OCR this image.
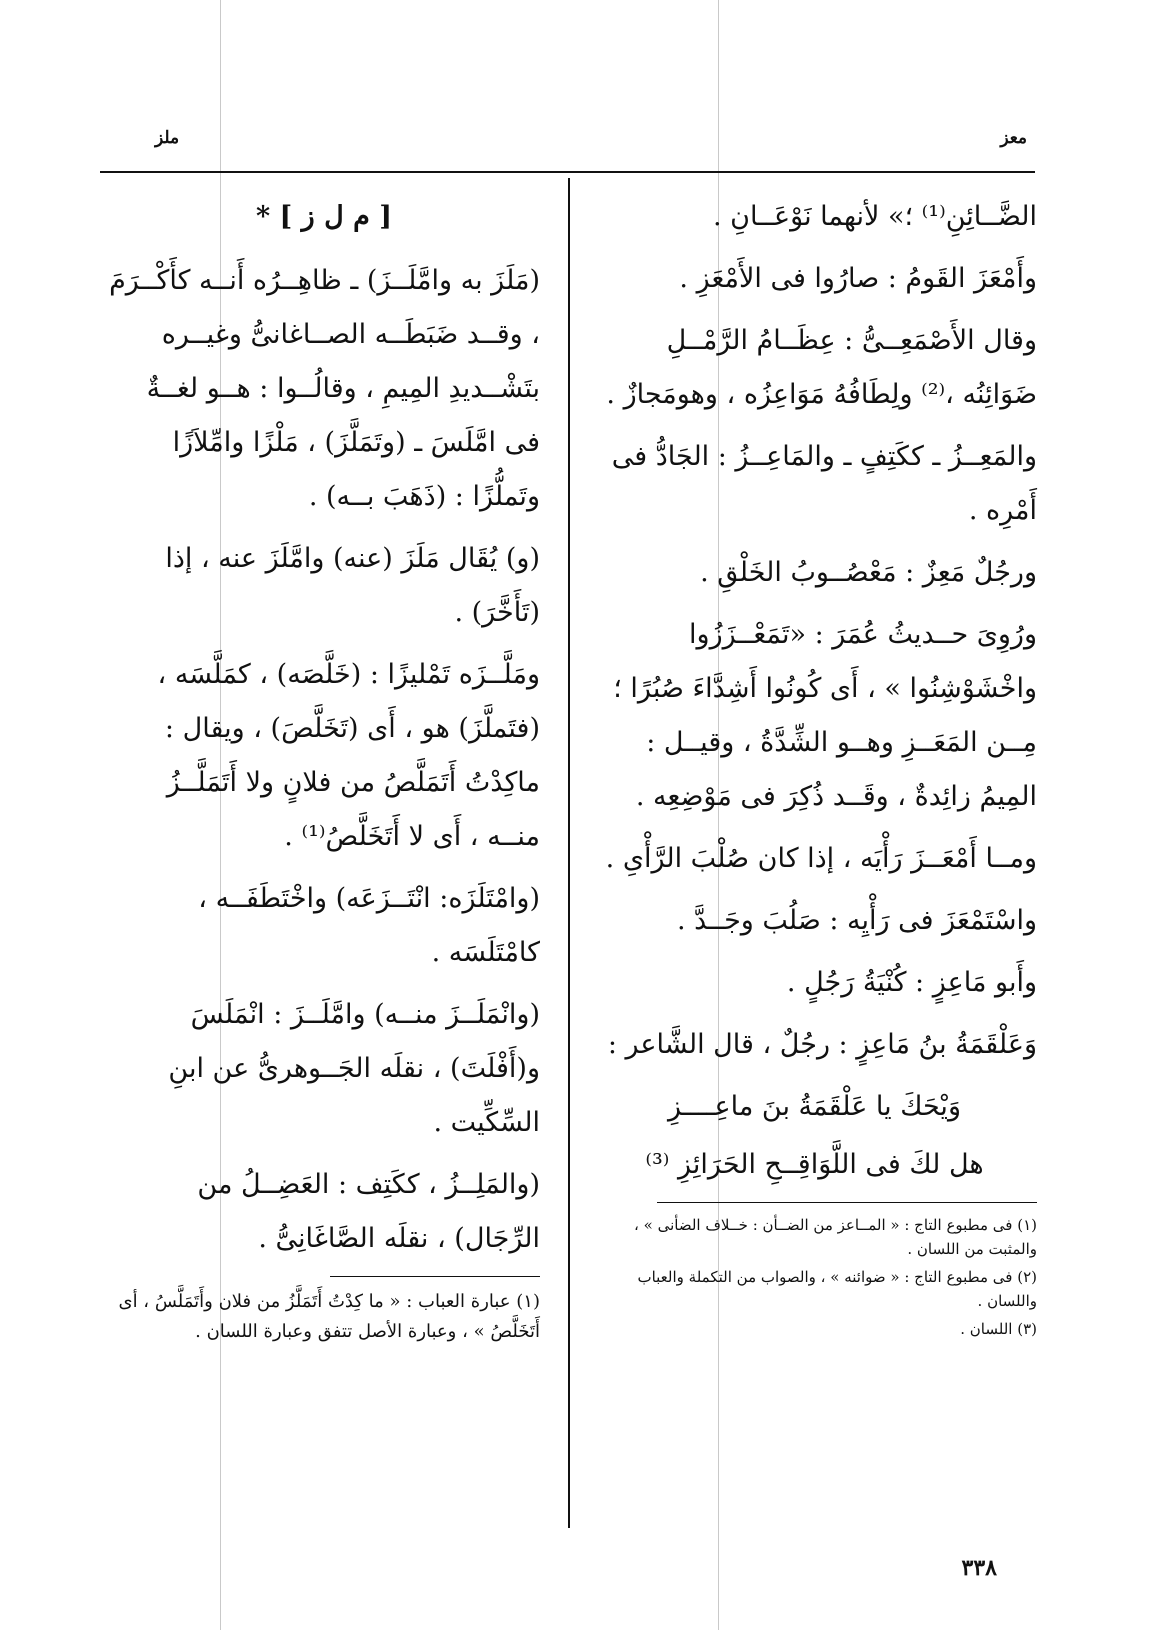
معز
ملز

الضَّــائِنِ⁽¹⁾ ؛» لأنهما نَوْعَــانِ .

وأَمْعَزَ القَومُ : صارُوا فى الأَمْعَزِ .

وقال الأَصْمَعِــىُّ : عِظَــامُ الرَّمْــلِ ضَوَائِنُه ،⁽²⁾ ولِطَافُهُ مَوَاعِزُه ، وهومَجازٌ .

والمَعِــزُ ـ ككَتِفٍ ـ والمَاعِــزُ : الجَادُّ فى أَمْرِه .

ورجُلٌ مَعِزٌ : مَعْصُــوبُ الخَلْقِ .

ورُوِىَ حــديثُ عُمَرَ : «تَمَعْــزَزُوا واخْشَوْشِنُوا » ، أَى كُونُوا أَشِدَّاءَ صُبُرًا ؛ مِــن المَعَــزِ وهــو الشِّدَّةُ ، وقيــل : المِيمُ زائِدةٌ ، وقَــد ذُكِرَ فى مَوْضِعِه .

ومــا أَمْعَــزَ رَأْيَه ، إذا كان صُلْبَ الرَّأْىِ .

واسْتَمْعَزَ فى رَأْيِه : صَلُبَ وجَــدَّ .

وأَبو مَاعِزٍ : كُنْيَةُ رَجُلٍ .

وَعَلْقَمَةُ بنُ مَاعِزٍ : رجُلٌ ، قال الشَّاعر :

وَيْحَكَ يا عَلْقَمَةُ بنَ ماعِــــزِ
هل لكَ فى اللَّوَاقِــحِ الحَرَائِزِ ⁽³⁾

(١) فى مطبوع التاج : « المــاعز من الضــأن : خــلاف الضأنى » ، والمثبت من اللسان .

(٢) فى مطبوع التاج : « ضوائنه » ، والصواب من التكملة والعباب واللسان .

(٣) اللسان .

[ م ل ز ] *

(مَلَزَ به وامَّلَــزَ) ـ ظاهِــرُه أَنــه كأَكْــرَمَ ، وقــد ضَبَطَــه الصــاغانىُّ وغيــره بتَشْــديدِ المِيمِ ، وقالُــوا : هــو لغــةٌ فى امَّلَسَ ـ (وتَمَلَّزَ) ، مَلْزًا وامِّلاَزًا وتَملُّزًا : (ذَهَبَ بــه) .

(و) يُقَال مَلَزَ (عنه) وامَّلَزَ عنه ، إذا (تَأَخَّرَ) .

ومَلَّــزَه تَمْليزًا : (خَلَّصَه) ، كمَلَّسَه ، (فتَملَّزَ) هو ، أَى (تَخَلَّصَ) ، ويقال : ماكِدْتُ أَتَمَلَّصُ من فلانٍ ولا أَتَمَلَّــزُ منــه ، أَى لا أَتَخَلَّصُ⁽¹⁾ .

(وامْتَلَزَه: انْتَــزَعَه) واخْتَطَفَــه ، كامْتَلَسَه .

(وانْمَلَــزَ منــه) وامَّلَــزَ : انْمَلَسَ و(أَفْلَتَ) ، نقلَه الجَــوهرىُّ عن ابنِ السِّكِّيت .

(والمَلِــزُ ، ككَتِف : العَضِــلُ من الرِّجَال) ، نقلَه الصَّاغَانِىُّ .

(١) عبارة العباب : « ما كِدْتُ أَتَمَلَّزُ من فلان وأَتَمَلَّسُ ، أى أَتَخَلَّصُ » ، وعبارة الأصل تتفق وعبارة اللسان .

٣٣٨
